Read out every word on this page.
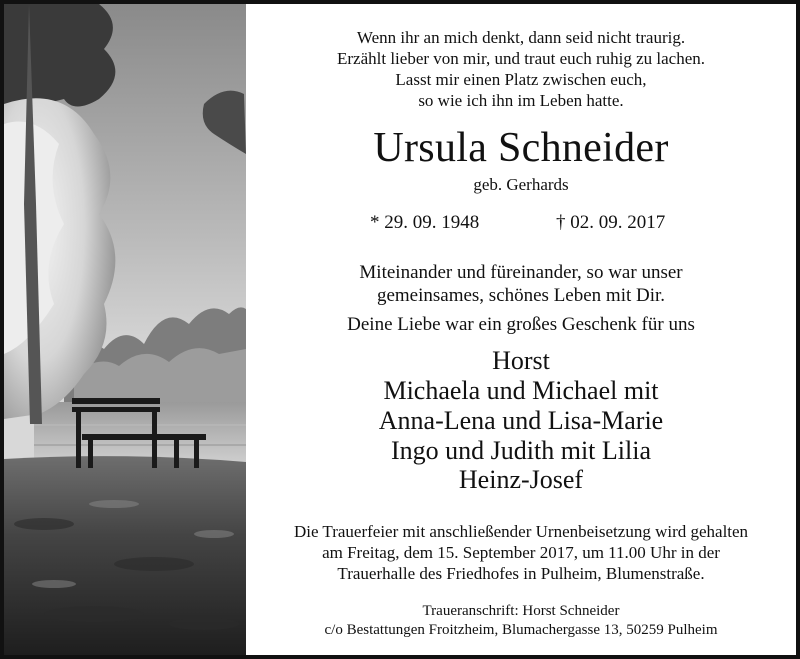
Wenn ihr an mich denkt, dann seid nicht traurig.
Erzählt lieber von mir, und traut euch ruhig zu lachen.
Lasst mir einen Platz zwischen euch,
so wie ich ihn im Leben hatte.
Ursula Schneider
geb. Gerhards
* 29. 09. 1948	† 02. 09. 2017
Miteinander und füreinander, so war unser
gemeinsames, schönes Leben mit Dir.
Deine Liebe war ein großes Geschenk für uns
Horst
Michaela und Michael mit
Anna-Lena und Lisa-Marie
Ingo und Judith mit Lilia
Heinz-Josef
Die Trauerfeier mit anschließender Urnenbeisetzung wird gehalten
am Freitag, dem 15. September 2017, um 11.00 Uhr in der
Trauerhalle des Friedhofes in Pulheim, Blumenstraße.
Traueranschrift: Horst Schneider
c/o Bestattungen Froitzheim, Blumachergasse 13, 50259 Pulheim
